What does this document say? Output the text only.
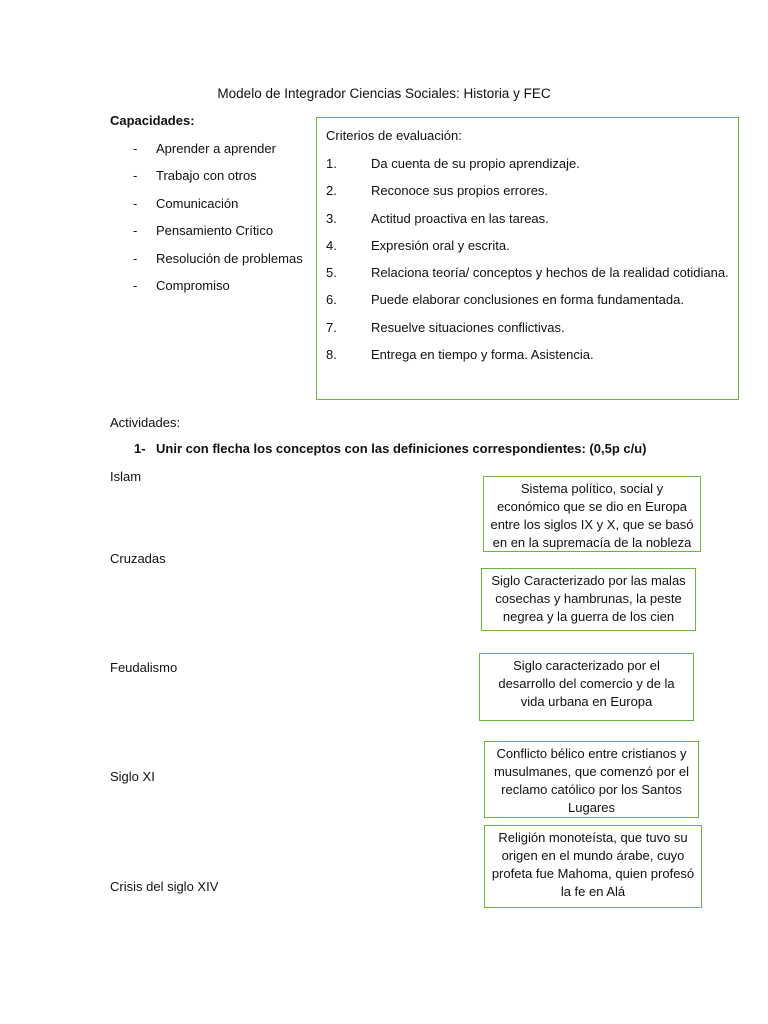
Modelo de Integrador Ciencias Sociales: Historia y FEC
Capacidades:
- Aprender a aprender
- Trabajo con otros
- Comunicación
- Pensamiento Crítico
- Resolución de problemas
- Compromiso
Criterios de evaluación:
1.	Da cuenta de su propio aprendizaje.
2.	Reconoce sus propios errores.
3.	Actitud proactiva en las tareas.
4.	Expresión oral y escrita.
5.	Relaciona teoría/ conceptos y hechos de la realidad cotidiana.
6.	Puede elaborar conclusiones en forma fundamentada.
7.	Resuelve situaciones conflictivas.
8.	Entrega en tiempo y forma. Asistencia.
Actividades:
1- Unir con flecha los conceptos con las definiciones correspondientes: (0,5p c/u)
Islam
Cruzadas
Feudalismo
Siglo XI
Crisis del siglo XIV
Sistema político, social y económico que se dio en Europa entre los siglos IX y X, que se basó en en la supremacía de la nobleza
Siglo Caracterizado por las malas cosechas y hambrunas, la peste negrea y la guerra de los cien
Siglo caracterizado por el desarrollo del comercio y de la vida urbana en Europa
Conflicto bélico entre cristianos y musulmanes, que comenzó por el reclamo católico por los Santos Lugares
Religión monoteísta, que tuvo su origen en el mundo árabe, cuyo profeta fue Mahoma, quien profesó la fe en Alá
